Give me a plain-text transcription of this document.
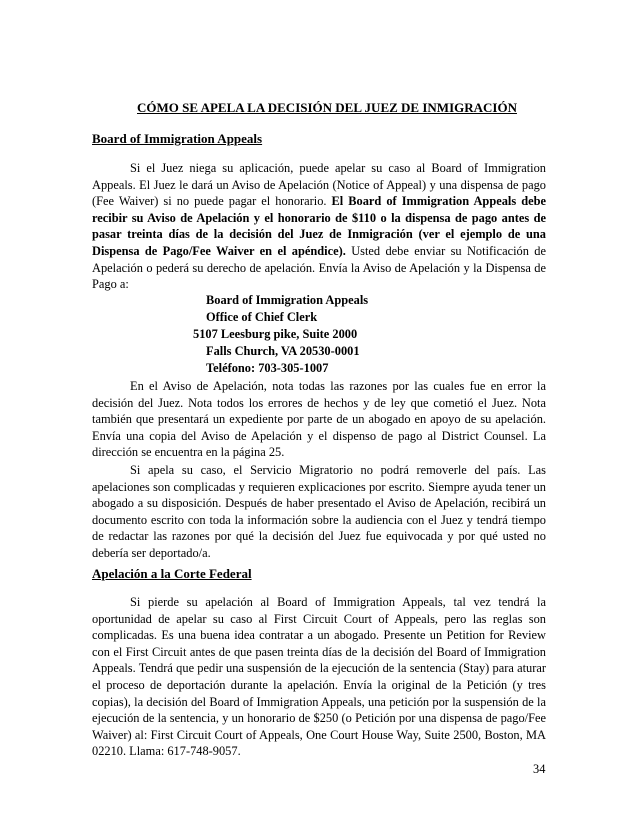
CÓMO SE APELA LA DECISIÓN DEL JUEZ DE INMIGRACIÓN
Board of Immigration Appeals

Si el Juez niega su aplicación, puede apelar su caso al Board of Immigration Appeals. El Juez le dará un Aviso de Apelación (Notice of Appeal) y una dispensa de pago (Fee Waiver) si no puede pagar el honorario. El Board of Immigration Appeals debe recibir su Aviso de Apelación y el honorario de $110 o la dispensa de pago antes de pasar treinta días de la decisión del Juez de Inmigración (ver el ejemplo de una Dispensa de Pago/Fee Waiver en el apéndice). Usted debe enviar su Notificación de Apelación o pederá su derecho de apelación. Envía la Aviso de Apelación y la Dispensa de Pago a:

Board of Immigration Appeals
Office of Chief Clerk
5107 Leesburg pike, Suite 2000
Falls Church, VA 20530-0001
Teléfono: 703-305-1007

En el Aviso de Apelación, nota todas las razones por las cuales fue en error la decisión del Juez. Nota todos los errores de hechos y de ley que cometió el Juez. Nota también que presentará un expediente por parte de un abogado en apoyo de su apelación. Envía una copia del Aviso de Apelación y el dispenso de pago al District Counsel. La dirección se encuentra en la página 25.

Si apela su caso, el Servicio Migratorio no podrá removerle del país. Las apelaciones son complicadas y requieren explicaciones por escrito. Siempre ayuda tener un abogado a su disposición. Después de haber presentado el Aviso de Apelación, recibirá un documento escrito con toda la información sobre la audiencia con el Juez y tendrá tiempo de redactar las razones por qué la decisión del Juez fue equivocada y por qué usted no debería ser deportado/a.

Apelación a la Corte Federal

Si pierde su apelación al Board of Immigration Appeals, tal vez tendrá la oportunidad de apelar su caso al First Circuit Court of Appeals, pero las reglas son complicadas. Es una buena idea contratar a un abogado. Presente un Petition for Review con el First Circuit antes de que pasen treinta días de la decisión del Board of Immigration Appeals. Tendrá que pedir una suspensión de la ejecución de la sentencia (Stay) para aturar el proceso de deportación durante la apelación. Envía la original de la Petición (y tres copias), la decisión del Board of Immigration Appeals, una petición por la suspensión de la ejecución de la sentencia, y un honorario de $250 (o Petición por una dispensa de pago/Fee Waiver) al: First Circuit Court of Appeals, One Court House Way, Suite 2500, Boston, MA 02210. Llama: 617-748-9057.

34
